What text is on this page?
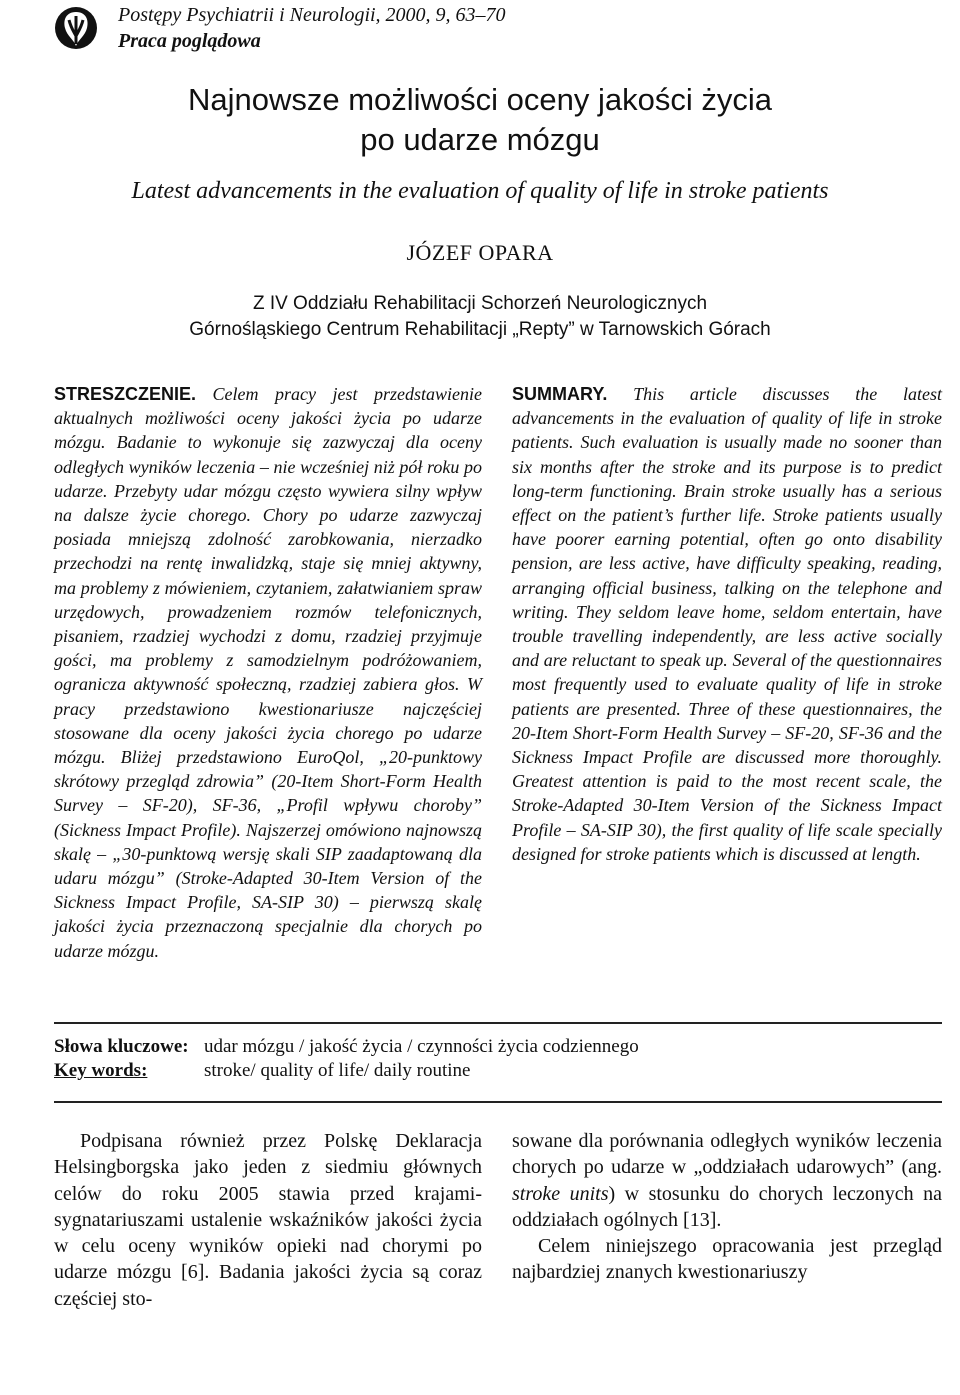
Postępy Psychiatrii i Neurologii, 2000, 9, 63–70
Praca poglądowa
Najnowsze możliwości oceny jakości życia
po udarze mózgu
Latest advancements in the evaluation of quality of life in stroke patients
JÓZEF OPARA
Z IV Oddziału Rehabilitacji Schorzeń Neurologicznych
Górnośląskiego Centrum Rehabilitacji „Repty” w Tarnowskich Górach
STRESZCZENIE. Celem pracy jest przedstawienie aktualnych możliwości oceny jakości życia po udarze mózgu. Badanie to wykonuje się zazwyczaj dla oceny odległych wyników leczenia – nie wcześniej niż pół roku po udarze. Przebyty udar mózgu często wywiera silny wpływ na dalsze życie chorego. Chory po udarze zazwyczaj posiada mniejszą zdolność zarobkowania, nierzadko przechodzi na rentę inwalidzką, staje się mniej aktywny, ma problemy z mówieniem, czytaniem, załatwianiem spraw urzędowych, prowadzeniem rozmów telefonicznych, pisaniem, rzadziej wychodzi z domu, rzadziej przyjmuje gości, ma problemy z samodzielnym podróżowaniem, ogranicza aktywność społeczną, rzadziej zabiera głos. W pracy przedstawiono kwestionariusze najczęściej stosowane dla oceny jakości życia chorego po udarze mózgu. Bliżej przedstawiono EuroQol, „20-punktowy skrótowy przegląd zdrowia” (20-Item Short-Form Health Survey – SF-20), SF-36, „Profil wpływu choroby” (Sickness Impact Profile). Najszerzej omówiono najnowszą skalę – „30-punktową wersję skali SIP zaadaptowaną dla udaru mózgu” (Stroke-Adapted 30-Item Version of the Sickness Impact Profile, SA-SIP 30) – pierwszą skalę jakości życia przeznaczoną specjalnie dla chorych po udarze mózgu.
SUMMARY. This article discusses the latest advancements in the evaluation of quality of life in stroke patients. Such evaluation is usually made no sooner than six months after the stroke and its purpose is to predict long-term functioning. Brain stroke usually has a serious effect on the patient’s further life. Stroke patients usually have poorer earning potential, often go onto disability pension, are less active, have difficulty speaking, reading, arranging official business, talking on the telephone and writing. They seldom leave home, seldom entertain, have trouble travelling independently, are less active socially and are reluctant to speak up. Several of the questionnaires most frequently used to evaluate quality of life in stroke patients are presented. Three of these questionnaires, the 20-Item Short-Form Health Survey – SF-20, SF-36 and the Sickness Impact Profile are discussed more thoroughly. Greatest attention is paid to the most recent scale, the Stroke-Adapted 30-Item Version of the Sickness Impact Profile – SA-SIP 30), the first quality of life scale specially designed for stroke patients which is discussed at length.
Słowa kluczowe: udar mózgu / jakość życia / czynności życia codziennego
Key words:	stroke/ quality of life/ daily routine

Podpisana również przez Polskę Deklaracja Helsingborgska jako jeden z siedmiu głównych celów do roku 2005 stawia przed krajami-sygnatariuszami ustalenie wskaźników jakości życia w celu oceny wyników opieki nad chorymi po udarze mózgu [6]. Badania jakości życia są coraz częściej sto-

sowane dla porównania odległych wyników leczenia chorych po udarze w „oddziałach udarowych” (ang. stroke units) w stosunku do chorych leczonych na oddziałach ogólnych [13].

Celem niniejszego opracowania jest przegląd najbardziej znanych kwestionariuszy
